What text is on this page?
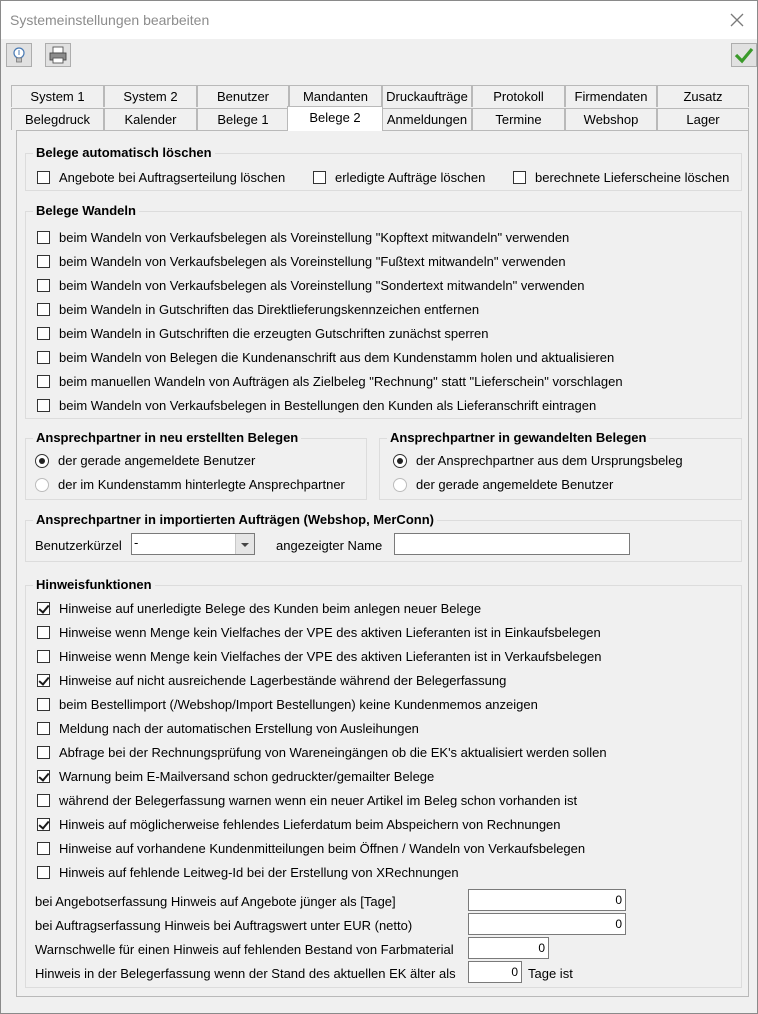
Systemeinstellungen bearbeiten
System 1	System 2	Benutzer	Mandanten	Druckaufträge	Protokoll	Firmendaten	Zusatz
Belegdruck	Kalender	Belege 1	Belege 2	Anmeldungen	Termine	Webshop	Lager
Belege automatisch löschen
Angebote bei Auftragserteilung löschen	erledigte Aufträge löschen	berechnete Lieferscheine löschen
Belege Wandeln
beim Wandeln von Verkaufsbelegen als Voreinstellung "Kopftext mitwandeln" verwenden
beim Wandeln von Verkaufsbelegen als Voreinstellung "Fußtext mitwandeln" verwenden
beim Wandeln von Verkaufsbelegen als Voreinstellung "Sondertext mitwandeln" verwenden
beim Wandeln in Gutschriften das Direktlieferungskennzeichen entfernen
beim Wandeln in Gutschriften die erzeugten Gutschriften zunächst sperren
beim Wandeln von Belegen die Kundenanschrift aus dem Kundenstamm holen und aktualisieren
beim manuellen Wandeln von Aufträgen als Zielbeleg "Rechnung" statt "Lieferschein" vorschlagen
beim Wandeln von Verkaufsbelegen in Bestellungen den Kunden als Lieferanschrift eintragen
Ansprechpartner in neu erstellten Belegen
der gerade angemeldete Benutzer
der im Kundenstamm hinterlegte Ansprechpartner
Ansprechpartner in gewandelten Belegen
der Ansprechpartner aus dem Ursprungsbeleg
der gerade angemeldete Benutzer
Ansprechpartner in importierten Aufträgen (Webshop, MerConn)
Benutzerkürzel -	angezeigter Name
Hinweisfunktionen
Hinweise auf unerledigte Belege des Kunden beim anlegen neuer Belege
Hinweise wenn Menge kein Vielfaches der VPE des aktiven Lieferanten ist in Einkaufsbelegen
Hinweise wenn Menge kein Vielfaches der VPE des aktiven Lieferanten ist in Verkaufsbelegen
Hinweise auf nicht ausreichende Lagerbestände während der Belegerfassung
beim Bestellimport (/Webshop/Import Bestellungen) keine Kundenmemos anzeigen
Meldung nach der automatischen Erstellung von Ausleihungen
Abfrage bei der Rechnungsprüfung von Wareneingängen ob die EK's aktualisiert werden sollen
Warnung beim E-Mailversand schon gedruckter/gemailter Belege
während der Belegerfassung warnen wenn ein neuer Artikel im Beleg schon vorhanden ist
Hinweis auf möglicherweise fehlendes Lieferdatum beim Abspeichern von Rechnungen
Hinweise auf vorhandene Kundenmitteilungen beim Öffnen / Wandeln von Verkaufsbelegen
Hinweis auf fehlende Leitweg-Id bei der Erstellung von XRechnungen
bei Angebotserfassung Hinweis auf Angebote jünger als [Tage]	0
bei Auftragserfassung Hinweis bei Auftragswert unter EUR (netto)	0
Warnschwelle für einen Hinweis auf fehlenden Bestand von Farbmaterial	0
Hinweis in der Belegerfassung wenn der Stand des aktuellen EK älter als	0 Tage ist
